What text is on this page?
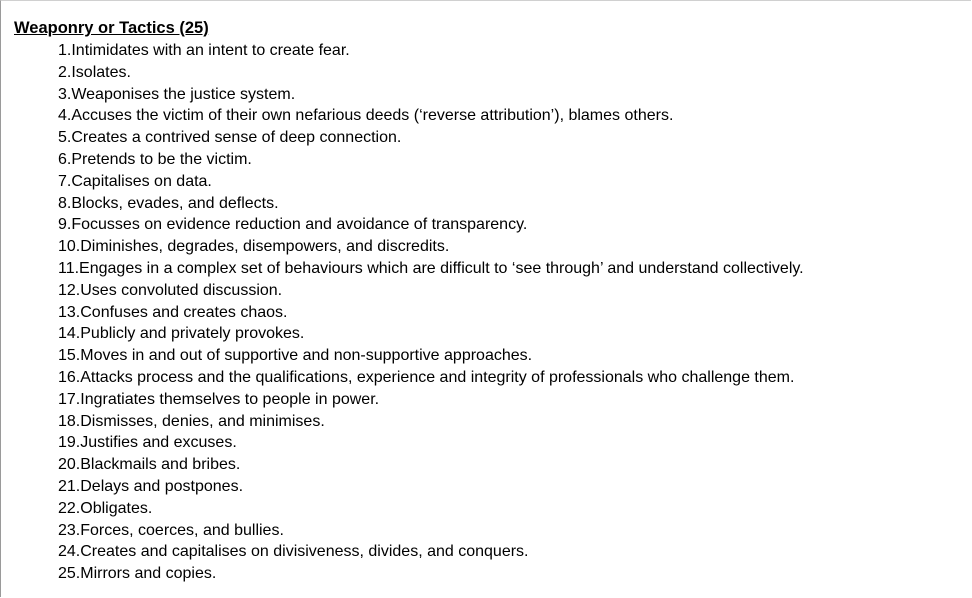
Weaponry or Tactics (25)
1.Intimidates with an intent to create fear.
2.Isolates.
3.Weaponises the justice system.
4.Accuses the victim of their own nefarious deeds (‘reverse attribution’), blames others.
5.Creates a contrived sense of deep connection.
6.Pretends to be the victim.
7.Capitalises on data.
8.Blocks, evades, and deflects.
9.Focusses on evidence reduction and avoidance of transparency.
10.Diminishes, degrades, disempowers, and discredits.
11.Engages in a complex set of behaviours which are difficult to ‘see through’ and understand collectively.
12.Uses convoluted discussion.
13.Confuses and creates chaos.
14.Publicly and privately provokes.
15.Moves in and out of supportive and non-supportive approaches.
16.Attacks process and the qualifications, experience and integrity of professionals who challenge them.
17.Ingratiates themselves to people in power.
18.Dismisses, denies, and minimises.
19.Justifies and excuses.
20.Blackmails and bribes.
21.Delays and postpones.
22.Obligates.
23.Forces, coerces, and bullies.
24.Creates and capitalises on divisiveness, divides, and conquers.
25.Mirrors and copies.
